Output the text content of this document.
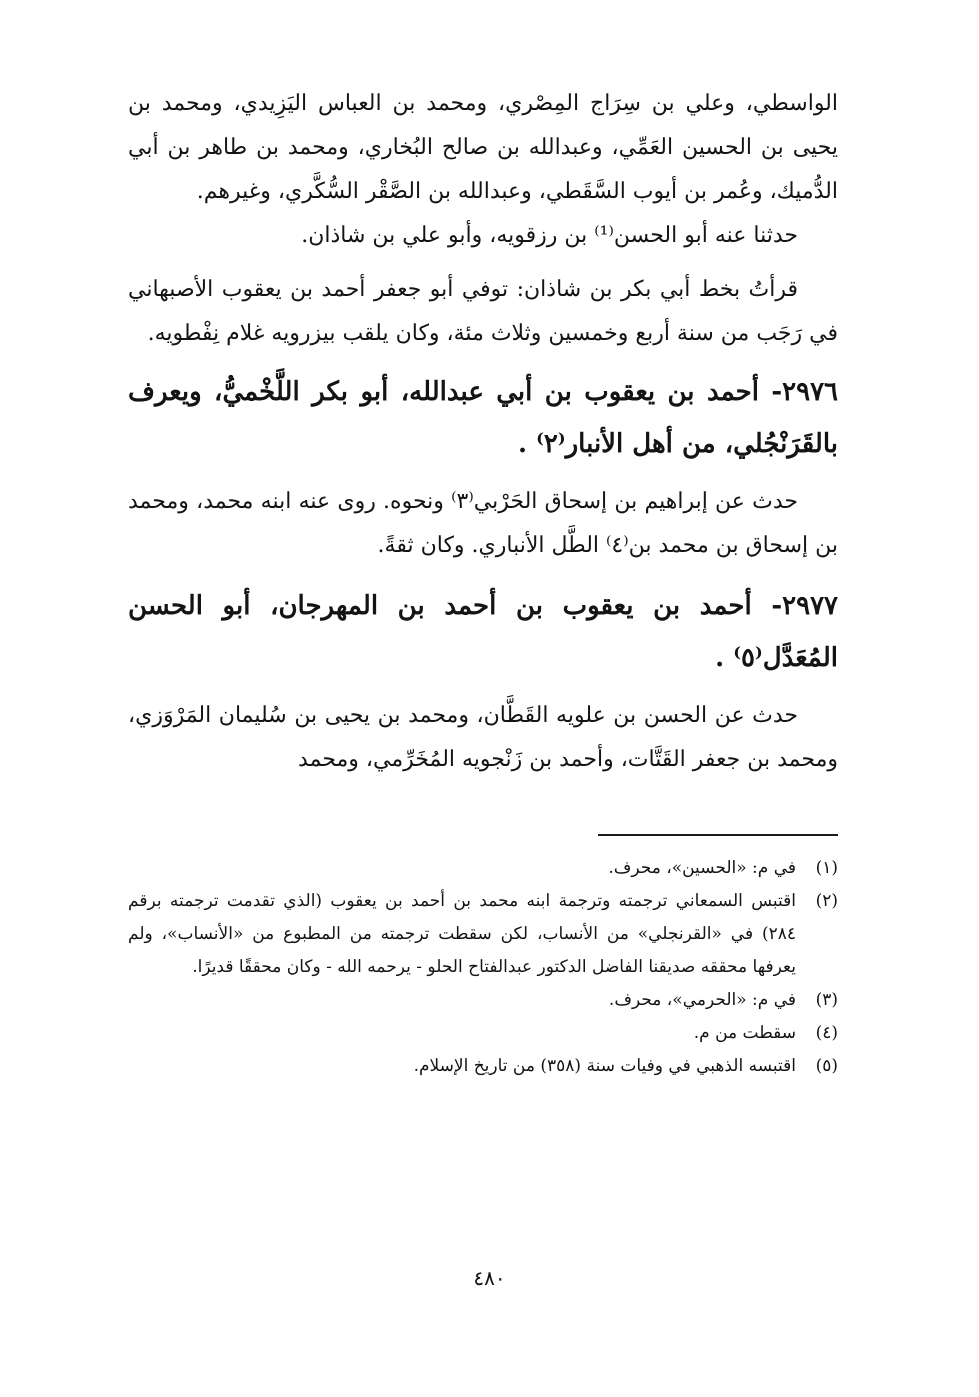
الواسطي، وعلي بن سِرَاج المِصْري، ومحمد بن العباس اليَزِيدي، ومحمد بن يحيى بن الحسين العَمِّي، وعبدالله بن صالح البُخاري، ومحمد بن طاهر بن أبي الدُّميك، وعُمر بن أيوب السَّقَطي، وعبدالله بن الصَّقْر السُّكَّري، وغيرهم.

حدثنا عنه أبو الحسن⁽¹⁾ بن رزقويه، وأبو علي بن شاذان.

قرأتُ بخط أبي بكر بن شاذان: توفي أبو جعفر أحمد بن يعقوب الأصبهاني في رَجَب من سنة أربع وخمسين وثلاث مئة، وكان يلقب بيزرويه غلام نِفْطويه.

٢٩٧٦- أحمد بن يعقوب بن أبي عبدالله، أبو بكر اللَّخْميُّ، ويعرف بالقَرَنْجُلي، من أهل الأنبار⁽٢⁾ .

حدث عن إبراهيم بن إسحاق الحَرْبي⁽٣⁾ ونحوه. روى عنه ابنه محمد، ومحمد بن إسحاق بن محمد بن⁽٤⁾ الطَّل الأنباري. وكان ثقةً.

٢٩٧٧- أحمد بن يعقوب بن أحمد بن المهرجان، أبو الحسن المُعَدَّل⁽٥⁾ .

حدث عن الحسن بن علويه القَطَّان، ومحمد بن يحيى بن سُليمان المَرْوَزي، ومحمد بن جعفر القَتَّات، وأحمد بن زَنْجويه المُخَرِّمي، ومحمد

(١)
في م: «الحسين»، محرف.
(٢)
اقتبس السمعاني ترجمته وترجمة ابنه محمد بن أحمد بن يعقوب (الذي تقدمت ترجمته برقم ٢٨٤) في «القرنجلي» من الأنساب، لكن سقطت ترجمته من المطبوع من «الأنساب»، ولم يعرفها محققه صديقنا الفاضل الدكتور عبدالفتاح الحلو - يرحمه الله - وكان محققًا قديرًا.
(٣)
في م: «الحرمي»، محرف.
(٤)
سقطت من م.
(٥)
اقتبسه الذهبي في وفيات سنة (٣٥٨) من تاريخ الإسلام.
٤٨٠
